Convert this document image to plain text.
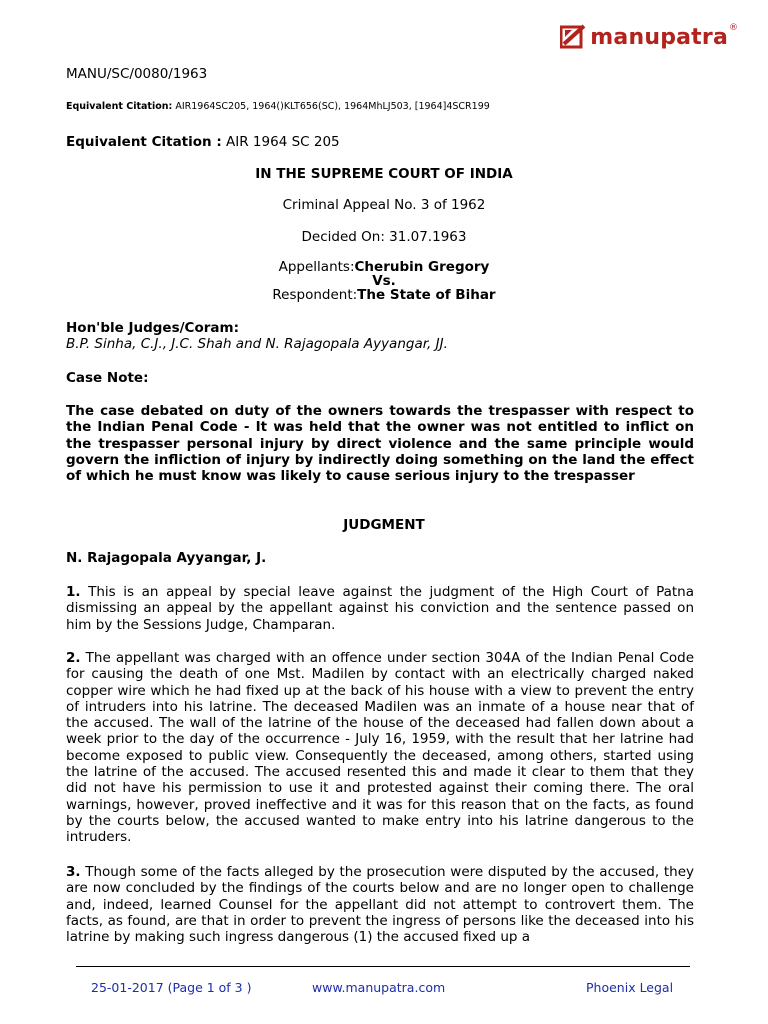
manupatra ®
MANU/SC/0080/1963
Equivalent Citation: AIR1964SC205, 1964()KLT656(SC), 1964MhLJ503, [1964]4SCR199
Equivalent Citation : AIR 1964 SC 205
IN THE SUPREME COURT OF INDIA
Criminal Appeal No. 3 of 1962
Decided On: 31.07.1963
Appellants:Cherubin Gregory
Vs.
Respondent:The State of Bihar
Hon'ble Judges/Coram:
B.P. Sinha, C.J., J.C. Shah and N. Rajagopala Ayyangar, JJ.
Case Note:
The case debated on duty of the owners towards the trespasser with respect to the Indian Penal Code - It was held that the owner was not entitled to inflict on the trespasser personal injury by direct violence and the same principle would govern the infliction of injury by indirectly doing something on the land the effect of which he must know was likely to cause serious injury to the trespasser
JUDGMENT
N. Rajagopala Ayyangar, J.
1. This is an appeal by special leave against the judgment of the High Court of Patna dismissing an appeal by the appellant against his conviction and the sentence passed on him by the Sessions Judge, Champaran.
2. The appellant was charged with an offence under section 304A of the Indian Penal Code for causing the death of one Mst. Madilen by contact with an electrically charged naked copper wire which he had fixed up at the back of his house with a view to prevent the entry of intruders into his latrine. The deceased Madilen was an inmate of a house near that of the accused. The wall of the latrine of the house of the deceased had fallen down about a week prior to the day of the occurrence - July 16, 1959, with the result that her latrine had become exposed to public view. Consequently the deceased, among others, started using the latrine of the accused. The accused resented this and made it clear to them that they did not have his permission to use it and protested against their coming there. The oral warnings, however, proved ineffective and it was for this reason that on the facts, as found by the courts below, the accused wanted to make entry into his latrine dangerous to the intruders.
3. Though some of the facts alleged by the prosecution were disputed by the accused, they are now concluded by the findings of the courts below and are no longer open to challenge and, indeed, learned Counsel for the appellant did not attempt to controvert them. The facts, as found, are that in order to prevent the ingress of persons like the deceased into his latrine by making such ingress dangerous (1) the accused fixed up a
25-01-2017 (Page 1 of 3 )	www.manupatra.com	Phoenix Legal
